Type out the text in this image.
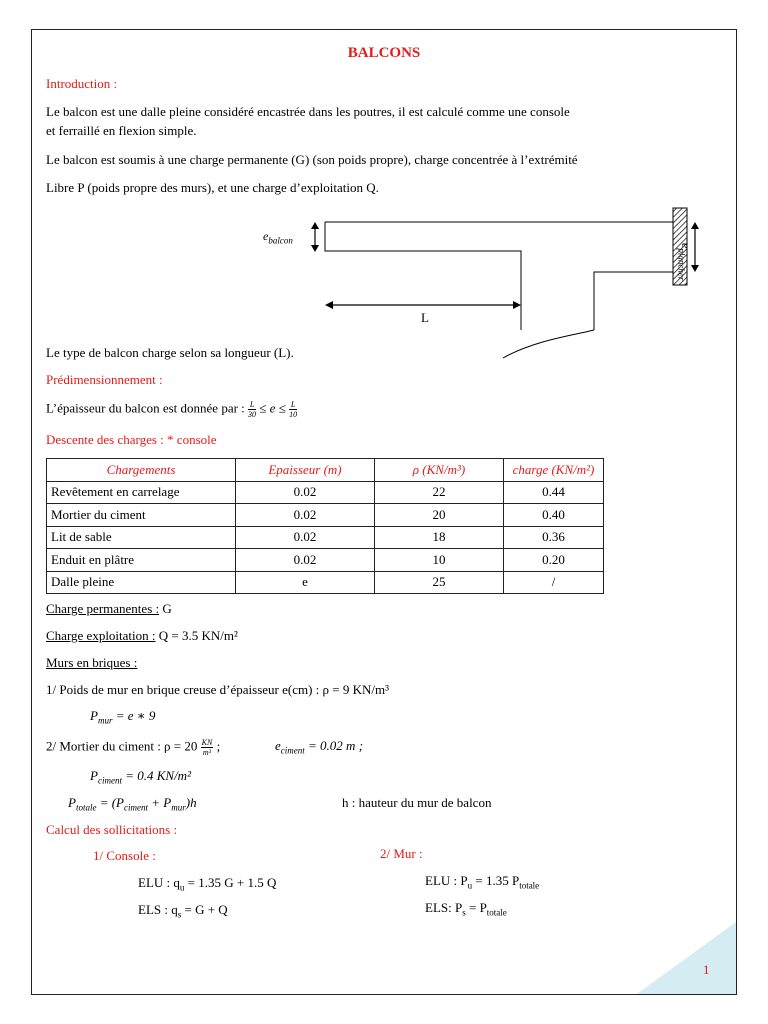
BALCONS
Introduction :
Le balcon est une dalle pleine considéré encastrée dans les poutres, il est calculé comme une console
et ferraillé en flexion simple.
Le balcon est soumis à une charge permanente (G) (son poids propre), charge concentrée à l’extrémité
Libre P (poids propre des murs), et une charge d’exploitation Q.
$e_{balcon}$
$e_{plancher}$
L
Le type de balcon charge selon sa longueur (L).
Prédimensionnement :
L’épaisseur du balcon est donnée par : $\frac{L}{30} \le e \le \frac{L}{10}$
Descente des charges : * console
Chargements	Epaisseur (m)	ρ (KN/m³)	charge (KN/m²)
Revêtement en carrelage	0.02	22	0.44
Mortier du ciment	0.02	20	0.40
Lit de sable	0.02	18	0.36
Enduit en plâtre	0.02	10	0.20
Dalle pleine	e	25	/
Charge permanentes : G
Charge exploitation : Q = 3.5 KN/m²
Murs en briques :
1/ Poids de mur en brique creuse d’épaisseur e(cm) : ρ = 9 KN/m³
$P_{mur} = e$ ∗ 9
2/ Mortier du ciment : $\rho = 20 \frac{KN}{\text{m³}}$ ;	$e_{ciment} = 0.02$ m ;
$P_{ciment} = 0.4$ KN/m²
$P_{totale} = (P_{ciment} + P_{mur})h$	h : hauteur du mur de balcon
Calcul des sollicitations :
1/ Console :	2/ Mur :
ELU : $q_u = 1.35$ G + 1.5 Q
ELS : $q_s = G + Q$
ELU : $P_u = 1.35$ $P_{totale}$
ELS: $P_s = P_{totale}$
1
